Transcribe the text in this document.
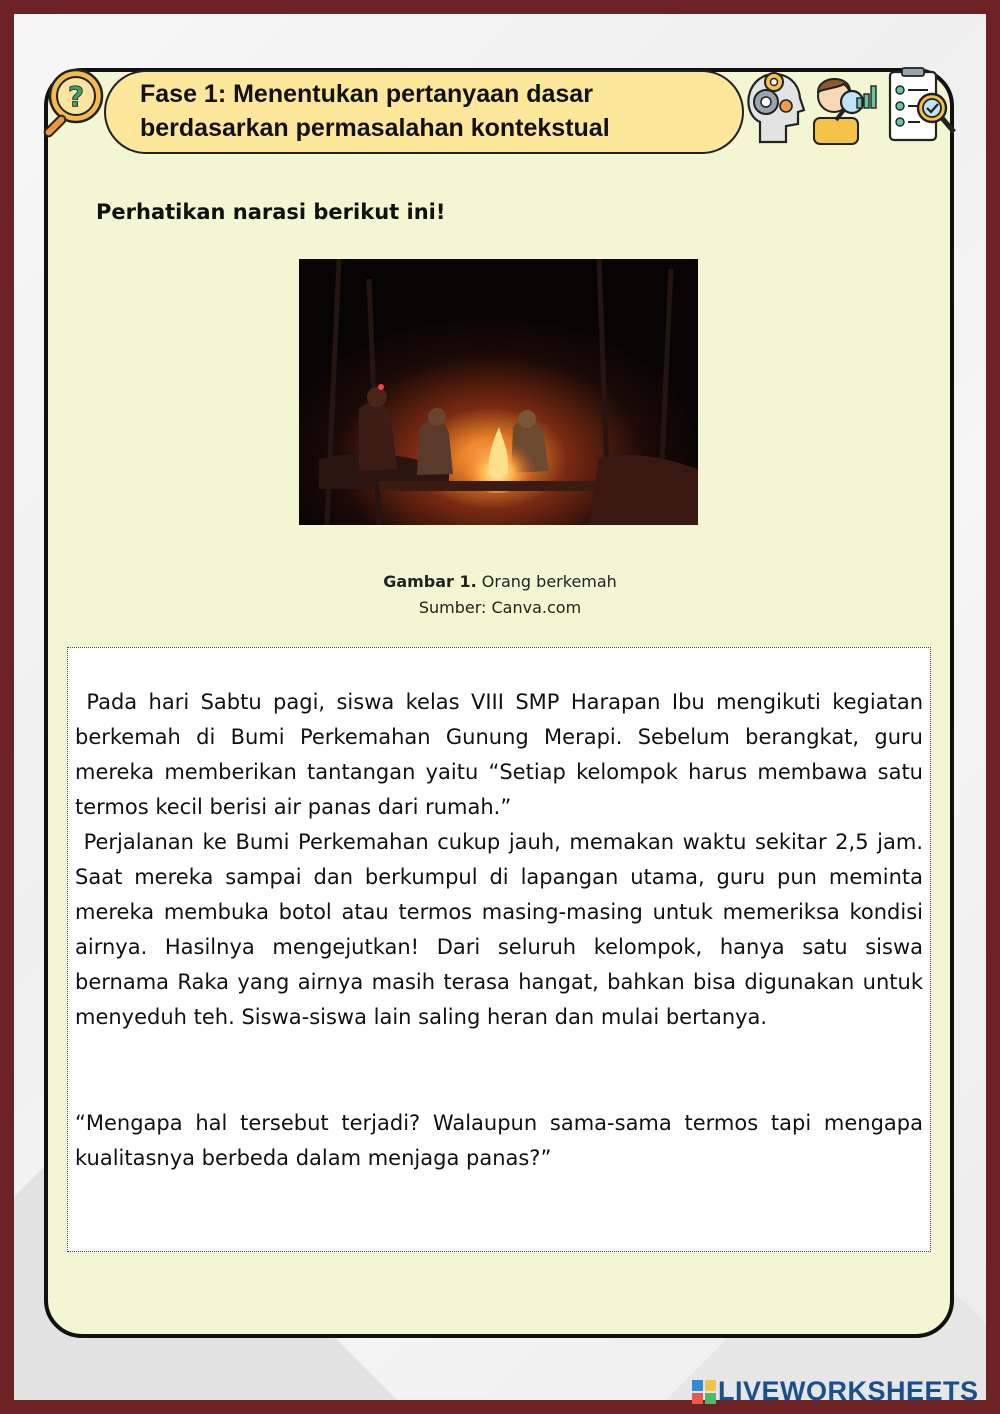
Fase 1: Menentukan pertanyaan dasar
berdasarkan permasalahan kontekstual
?
Perhatikan narasi berikut ini!
Gambar 1. Orang berkemah
Sumber: Canva.com
Pada hari Sabtu pagi, siswa kelas VIII SMP Harapan Ibu mengikuti kegiatan berkemah di Bumi Perkemahan Gunung Merapi. Sebelum berangkat, guru mereka memberikan tantangan yaitu “Setiap kelompok harus membawa satu termos kecil berisi air panas dari rumah.”
Perjalanan ke Bumi Perkemahan cukup jauh, memakan waktu sekitar 2,5 jam. Saat mereka sampai dan berkumpul di lapangan utama, guru pun meminta mereka membuka botol atau termos masing-masing untuk memeriksa kondisi airnya. Hasilnya mengejutkan! Dari seluruh kelompok, hanya satu siswa bernama Raka yang airnya masih terasa hangat, bahkan bisa digunakan untuk menyeduh teh. Siswa-siswa lain saling heran dan mulai bertanya.
“Mengapa hal tersebut terjadi? Walaupun sama-sama termos tapi mengapa kualitasnya berbeda dalam menjaga panas?”
LIVEWORKSHEETS
